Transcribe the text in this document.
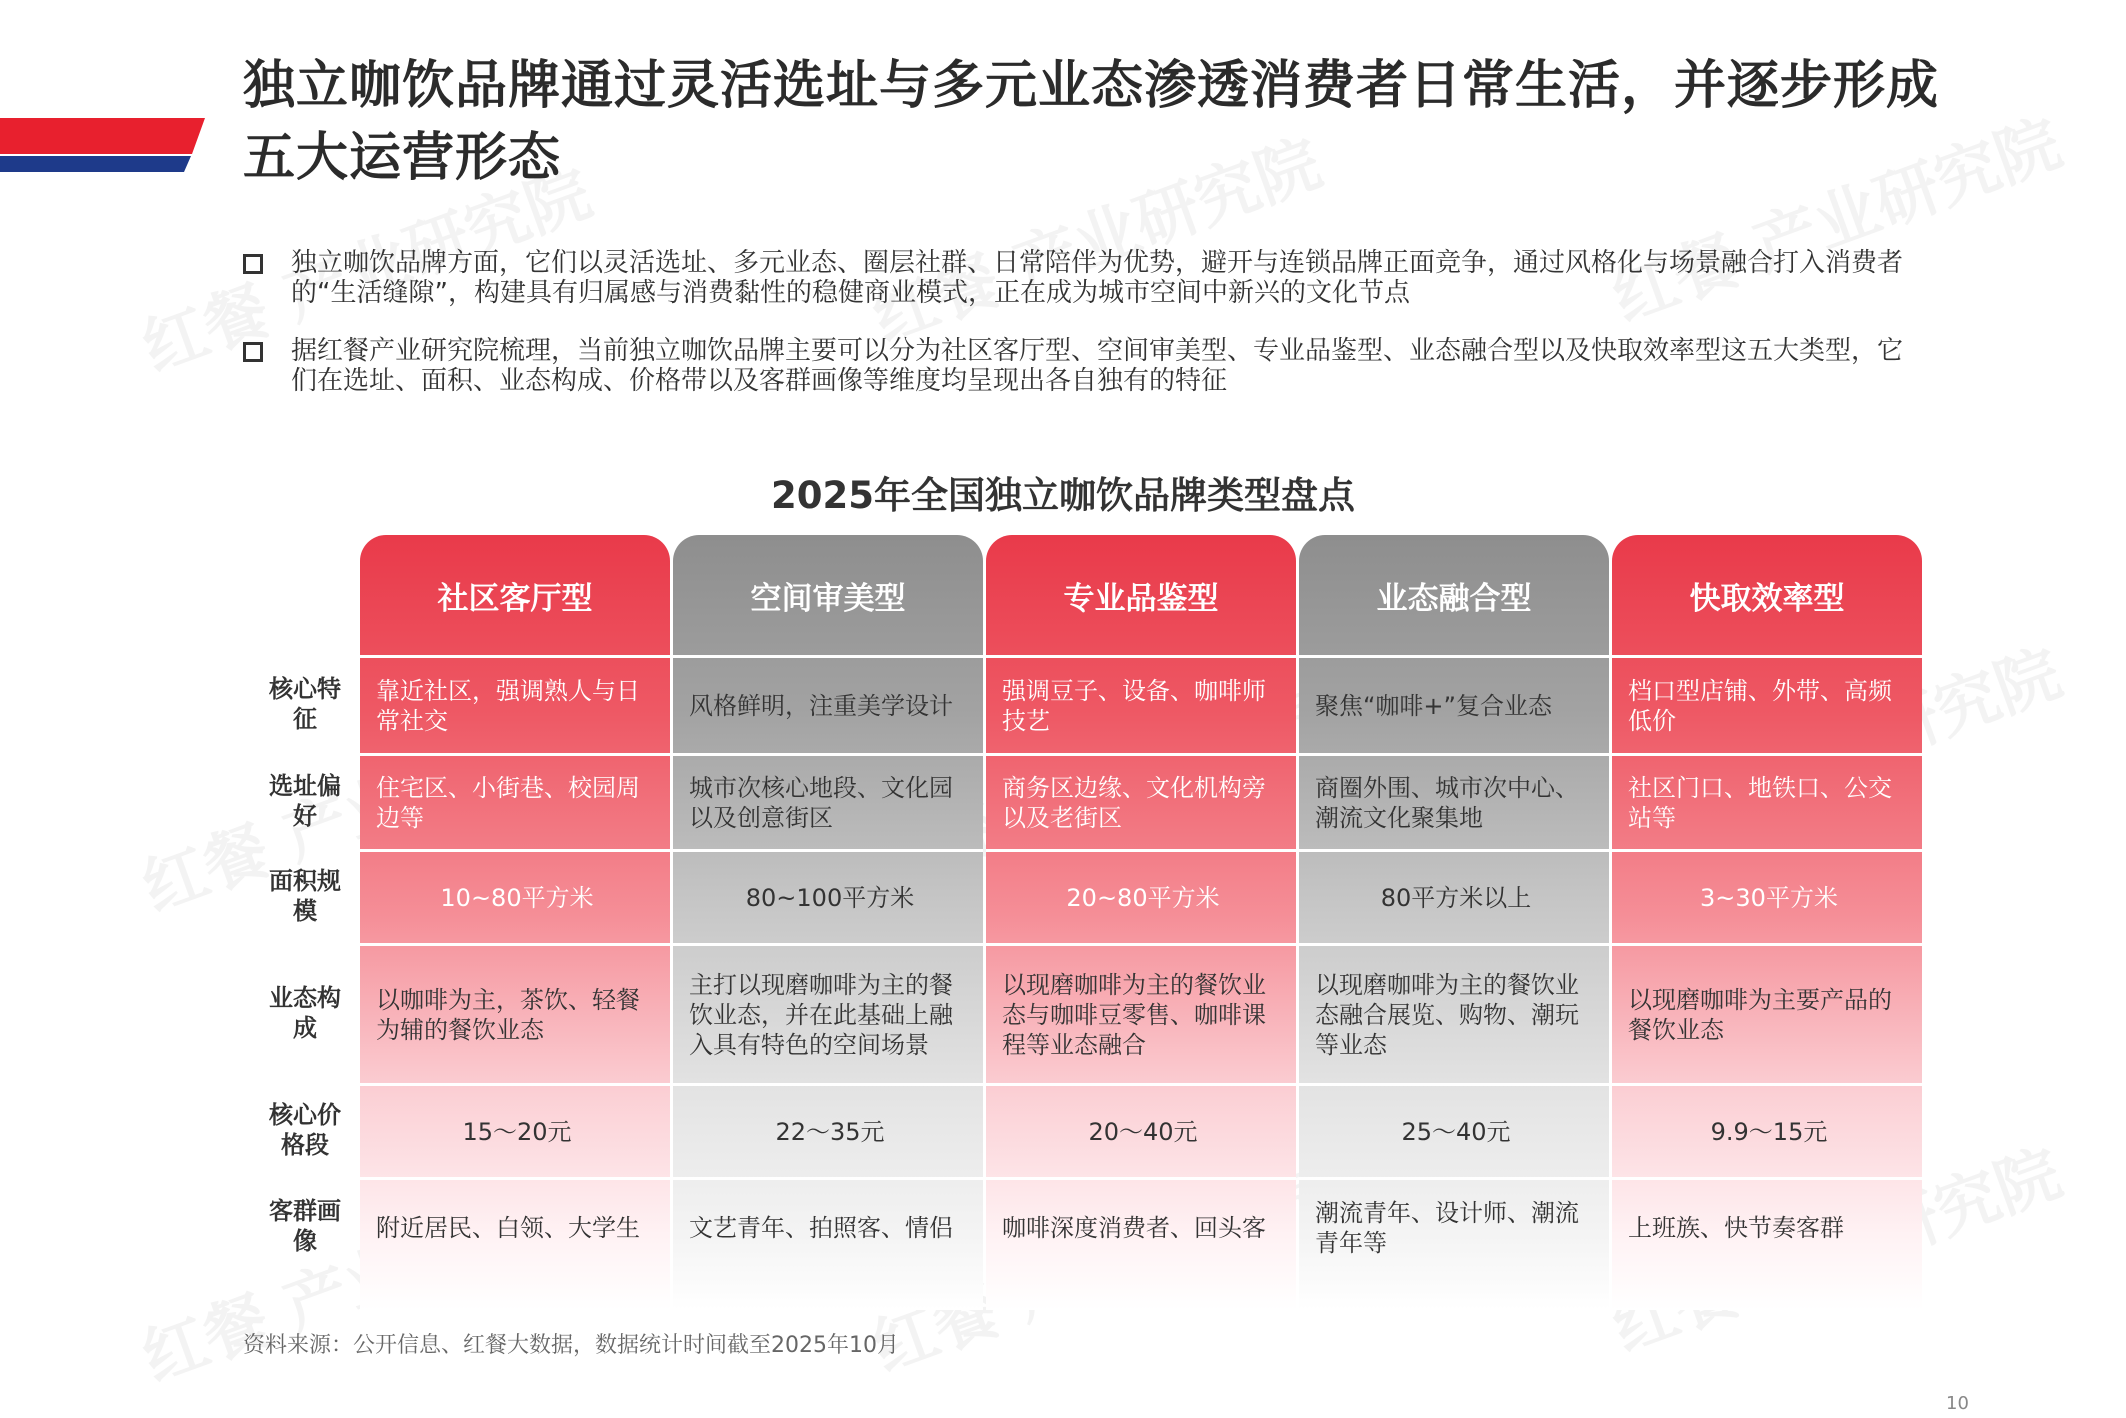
独立咖饮品牌通过灵活选址与多元业态渗透消费者日常生活，并逐步形成五大运营形态
独立咖饮品牌方面，它们以灵活选址、多元业态、圈层社群、日常陪伴为优势，避开与连锁品牌正面竞争，通过风格化与场景融合打入消费者的“生活缝隙”，构建具有归属感与消费黏性的稳健商业模式，正在成为城市空间中新兴的文化节点
据红餐产业研究院梳理，当前独立咖饮品牌主要可以分为社区客厅型、空间审美型、专业品鉴型、业态融合型以及快取效率型这五大类型，它们在选址、面积、业态构成、价格带以及客群画像等维度均呈现出各自独有的特征
2025年全国独立咖饮品牌类型盘点
核心特征
选址偏好
面积规模
业态构成
核心价格段
客群画像
社区客厅型
靠近社区，强调熟人与日常社交
住宅区、小街巷、校园周边等
10~80平方米
以咖啡为主，茶饮、轻餐为辅的餐饮业态
15～20元
附近居民、白领、大学生
空间审美型
风格鲜明，注重美学设计
城市次核心地段、文化园以及创意街区
80~100平方米
主打以现磨咖啡为主的餐饮业态，并在此基础上融入具有特色的空间场景
22～35元
文艺青年、拍照客、情侣
专业品鉴型
强调豆子、设备、咖啡师技艺
商务区边缘、文化机构旁以及老街区
20~80平方米
以现磨咖啡为主的餐饮业态与咖啡豆零售、咖啡课程等业态融合
20～40元
咖啡深度消费者、回头客
业态融合型
聚焦“咖啡+”复合业态
商圈外围、城市次中心、潮流文化聚集地
80平方米以上
以现磨咖啡为主的餐饮业态融合展览、购物、潮玩等业态
25～40元
潮流青年、设计师、潮流青年等
快取效率型
档口型店铺、外带、高频低价
社区门口、地铁口、公交站等
3~30平方米
以现磨咖啡为主要产品的餐饮业态
9.9～15元
上班族、快节奏客群
资料来源：公开信息、红餐大数据，数据统计时间截至2025年10月
10
